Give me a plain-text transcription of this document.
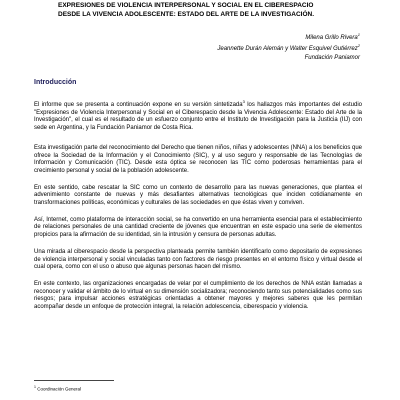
EXPRESIONES DE VIOLENCIA INTERPERSONAL Y SOCIAL EN EL CIBERESPACIO
DESDE LA VIVENCIA ADOLESCENTE: ESTADO DEL ARTE DE LA INVESTIGACIÓN.
Milena Grillo Rivera$^1$
Jeannette Durán Alemán y Walter Esquivel Gutiérrez$^2$
Fundación Paniamor
Introducción

El informe que se presenta a continuación expone en su versión sintetizada$^3$ los hallazgos más importantes del estudio "Expresiones de Violencia Interpersonal y Social en el Ciberespacio desde la Vivencia Adolescente: Estado del Arte de la Investigación", el cual es el resultado de un esfuerzo conjunto entre el Instituto de Investigación para la Justicia (IIJ) con sede en Argentina, y la Fundación Paniamor de Costa Rica.

Esta investigación parte del reconocimiento del Derecho que tienen niños, niñas y adolescentes (NNA) a los beneficios que ofrece la Sociedad de la Información y el Conocimiento (SIC), y al uso seguro y responsable de las Tecnologías de Información y Comunicación (TIC). Desde esta óptica se reconocen las TIC como poderosas herramientas para el crecimiento personal y social de la población adolescente.

En este sentido, cabe rescatar la SIC como un contexto de desarrollo para las nuevas generaciones, que plantea el advenimiento constante de nuevas y más desafiantes alternativas tecnológicas que inciden cotidianamente en transformaciones políticas, económicas y culturales de las sociedades en que éstas viven y conviven.

Así, Internet, como plataforma de interacción social, se ha convertido en una herramienta esencial para el establecimiento de relaciones personales de una cantidad creciente de jóvenes que encuentran en este espacio una serie de elementos propicios para la afirmación de su identidad, sin la intrusión y censura de personas adultas.

Una mirada al ciberespacio desde la perspectiva planteada permite también identificarlo como depositario de expresiones de violencia interpersonal y social vinculadas tanto con factores de riesgo presentes en el entorno físico y virtual desde el cual opera, como con el uso o abuso que algunas personas hacen del mismo.

En este contexto, las organizaciones encargadas de velar por el cumplimiento de los derechos de NNA están llamadas a reconocer y validar el ámbito de lo virtual en su dimensión socializadora; reconociendo tanto sus potencialidades como sus riesgos; para impulsar acciones estratégicas orientadas a obtener mayores y mejores saberes que les permitan acompañar desde un enfoque de protección integral, la relación adolescencia, ciberespacio y violencia.

$^1$ Coordinación General
